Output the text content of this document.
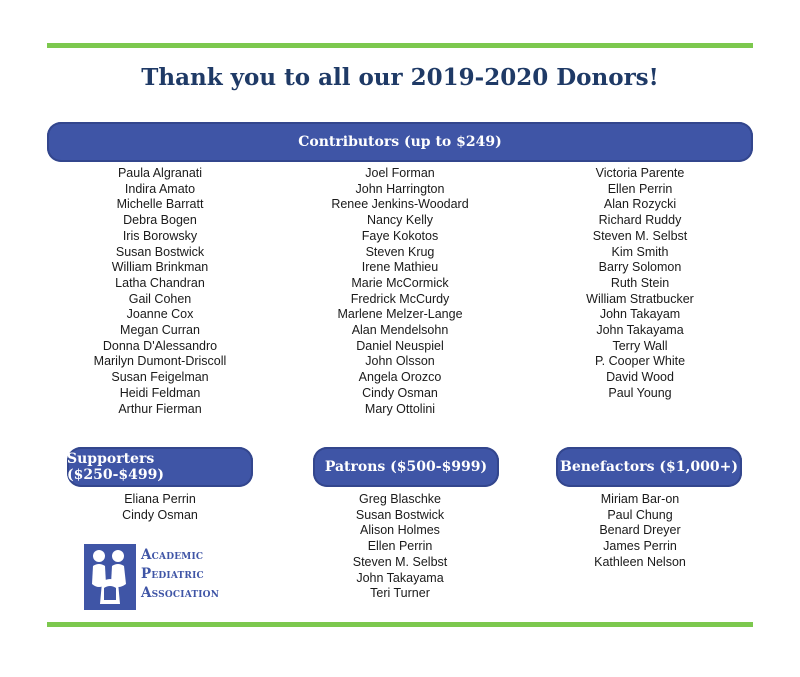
Thank you to all our 2019-2020 Donors!
Contributors (up to $249)
Paula Algranati
Indira Amato
Michelle Barratt
Debra Bogen
Iris Borowsky
Susan Bostwick
William Brinkman
Latha Chandran
Gail Cohen
Joanne Cox
Megan Curran
Donna D'Alessandro
Marilyn Dumont-Driscoll
Susan Feigelman
Heidi Feldman
Arthur Fierman
Joel Forman
John Harrington
Renee Jenkins-Woodard
Nancy Kelly
Faye Kokotos
Steven Krug
Irene Mathieu
Marie McCormick
Fredrick McCurdy
Marlene Melzer-Lange
Alan Mendelsohn
Daniel Neuspiel
John Olsson
Angela Orozco
Cindy Osman
Mary Ottolini
Victoria Parente
Ellen Perrin
Alan Rozycki
Richard Ruddy
Steven M. Selbst
Kim Smith
Barry Solomon
Ruth Stein
William Stratbucker
John Takayam
John Takayama
Terry Wall
P. Cooper White
David Wood
Paul Young
Supporters ($250-$499)	Patrons ($500-$999)	Benefactors ($1,000+)
Eliana Perrin
Cindy Osman
Greg Blaschke
Susan Bostwick
Alison Holmes
Ellen Perrin
Steven M. Selbst
John Takayama
Teri Turner
Miriam Bar-on
Paul Chung
Benard Dreyer
James Perrin
Kathleen Nelson
Academic
Pediatric
Association
